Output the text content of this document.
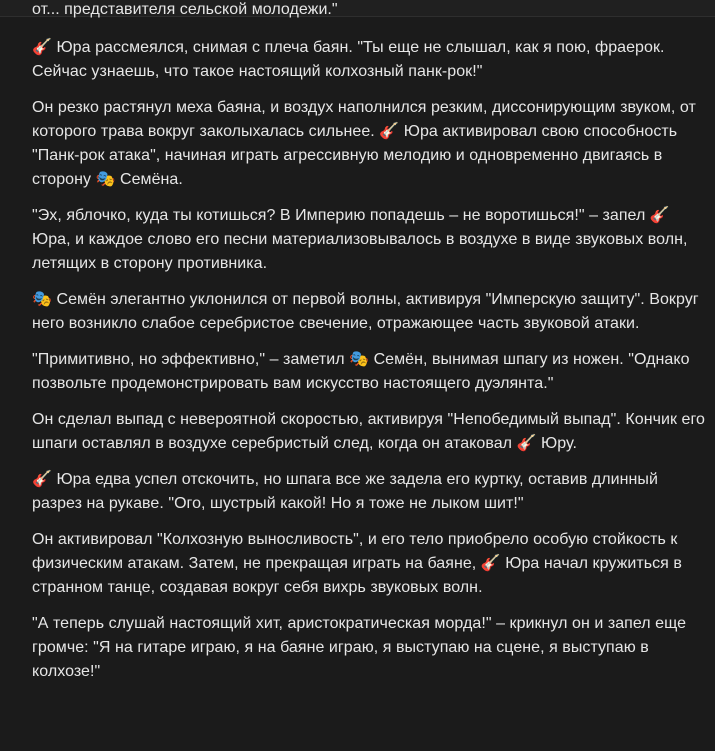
от... представителя сельской молодежи."

🎸 Юра рассмеялся, снимая с плеча баян. "Ты еще не слышал, как я пою, фраерок. Сейчас узнаешь, что такое настоящий колхозный панк-рок!"

Он резко растянул меха баяна, и воздух наполнился резким, диссонирующим звуком, от которого трава вокруг заколыхалась сильнее. 🎸 Юра активировал свою способность "Панк-рок атака", начиная играть агрессивную мелодию и одновременно двигаясь в сторону 🎭 Семёна.

"Эх, яблочко, куда ты котишься? В Империю попадешь – не воротишься!" – запел 🎸 Юра, и каждое слово его песни материализовывалось в воздухе в виде звуковых волн, летящих в сторону противника.

🎭 Семён элегантно уклонился от первой волны, активируя "Имперскую защиту". Вокруг него возникло слабое серебристое свечение, отражающее часть звуковой атаки.

"Примитивно, но эффективно," – заметил 🎭 Семён, вынимая шпагу из ножен. "Однако позвольте продемонстрировать вам искусство настоящего дуэлянта."

Он сделал выпад с невероятной скоростью, активируя "Непобедимый выпад". Кончик его шпаги оставлял в воздухе серебристый след, когда он атаковал 🎸 Юру.

🎸 Юра едва успел отскочить, но шпага все же задела его куртку, оставив длинный разрез на рукаве. "Ого, шустрый какой! Но я тоже не лыком шит!"

Он активировал "Колхозную выносливость", и его тело приобрело особую стойкость к физическим атакам. Затем, не прекращая играть на баяне, 🎸 Юра начал кружиться в странном танце, создавая вокруг себя вихрь звуковых волн.

"А теперь слушай настоящий хит, аристократическая морда!" – крикнул он и запел еще громче: "Я на гитаре играю, я на баяне играю, я выступаю на сцене, я выступаю в колхозе!"
